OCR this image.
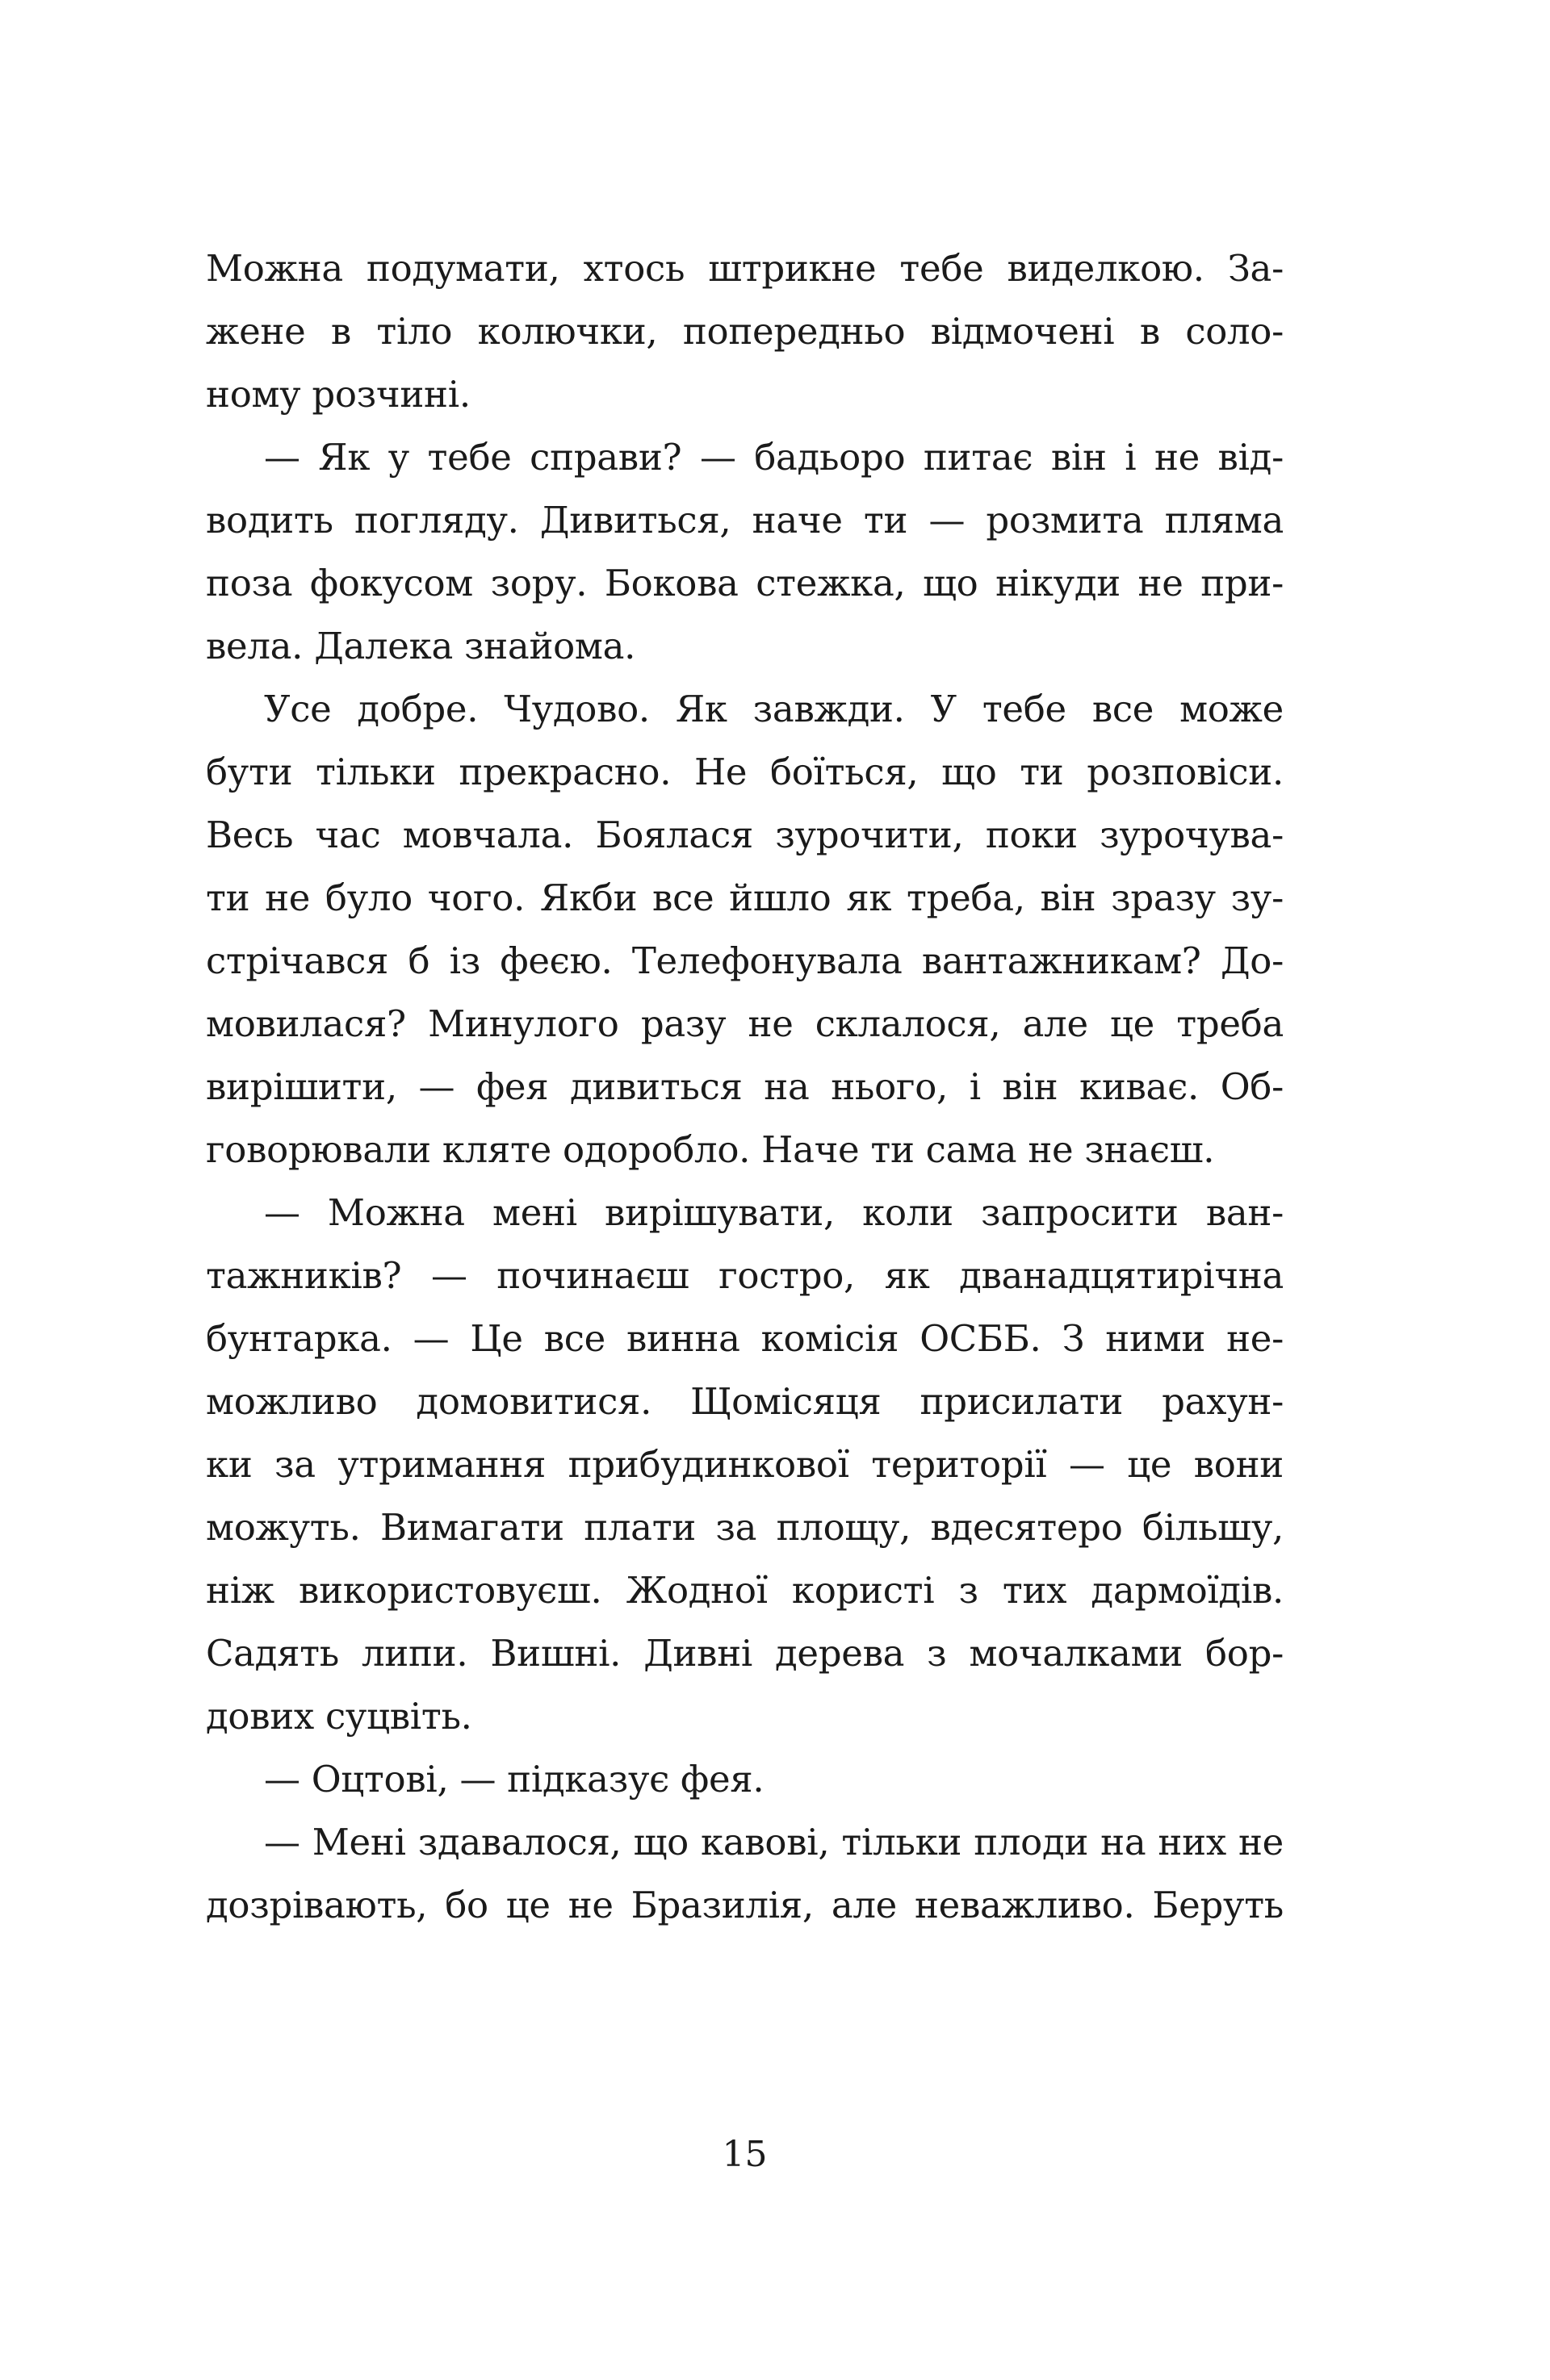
Можна подумати, хтось штрикне тебе виделкою. За-
жене в тіло колючки, попередньо відмочені в соло-
ному розчині.
— Як у тебе справи? — бадьоро питає він і не від-
водить погляду. Дивиться, наче ти — розмита пляма
поза фокусом зору. Бокова стежка, що нікуди не при-
вела. Далека знайома.
Усе добре. Чудово. Як завжди. У тебе все може
бути тільки прекрасно. Не боїться, що ти розповіси.
Весь час мовчала. Боялася зурочити, поки зурочува-
ти не було чого. Якби все йшло як треба, він зразу зу-
стрічався б із феєю. Телефонувала вантажникам? До-
мовилася? Минулого разу не склалося, але це треба
вирішити, — фея дивиться на нього, і він киває. Об-
говорювали кляте одоробло. Наче ти сама не знаєш.
— Можна мені вирішувати, коли запросити ван-
тажників? — починаєш гостро, як дванадцятирічна
бунтарка. — Це все винна комісія ОСББ. З ними не-
можливо домовитися. Щомісяця присилати рахун-
ки за утримання прибудинкової території — це вони
можуть. Вимагати плати за площу, вдесятеро більшу,
ніж використовуєш. Жодної користі з тих дармоїдів.
Садять липи. Вишні. Дивні дерева з мочалками бор-
дових суцвіть.
— Оцтові, — підказує фея.
— Мені здавалося, що кавові, тільки плоди на них не
дозрівають, бо це не Бразилія, але неважливо. Беруть
15
